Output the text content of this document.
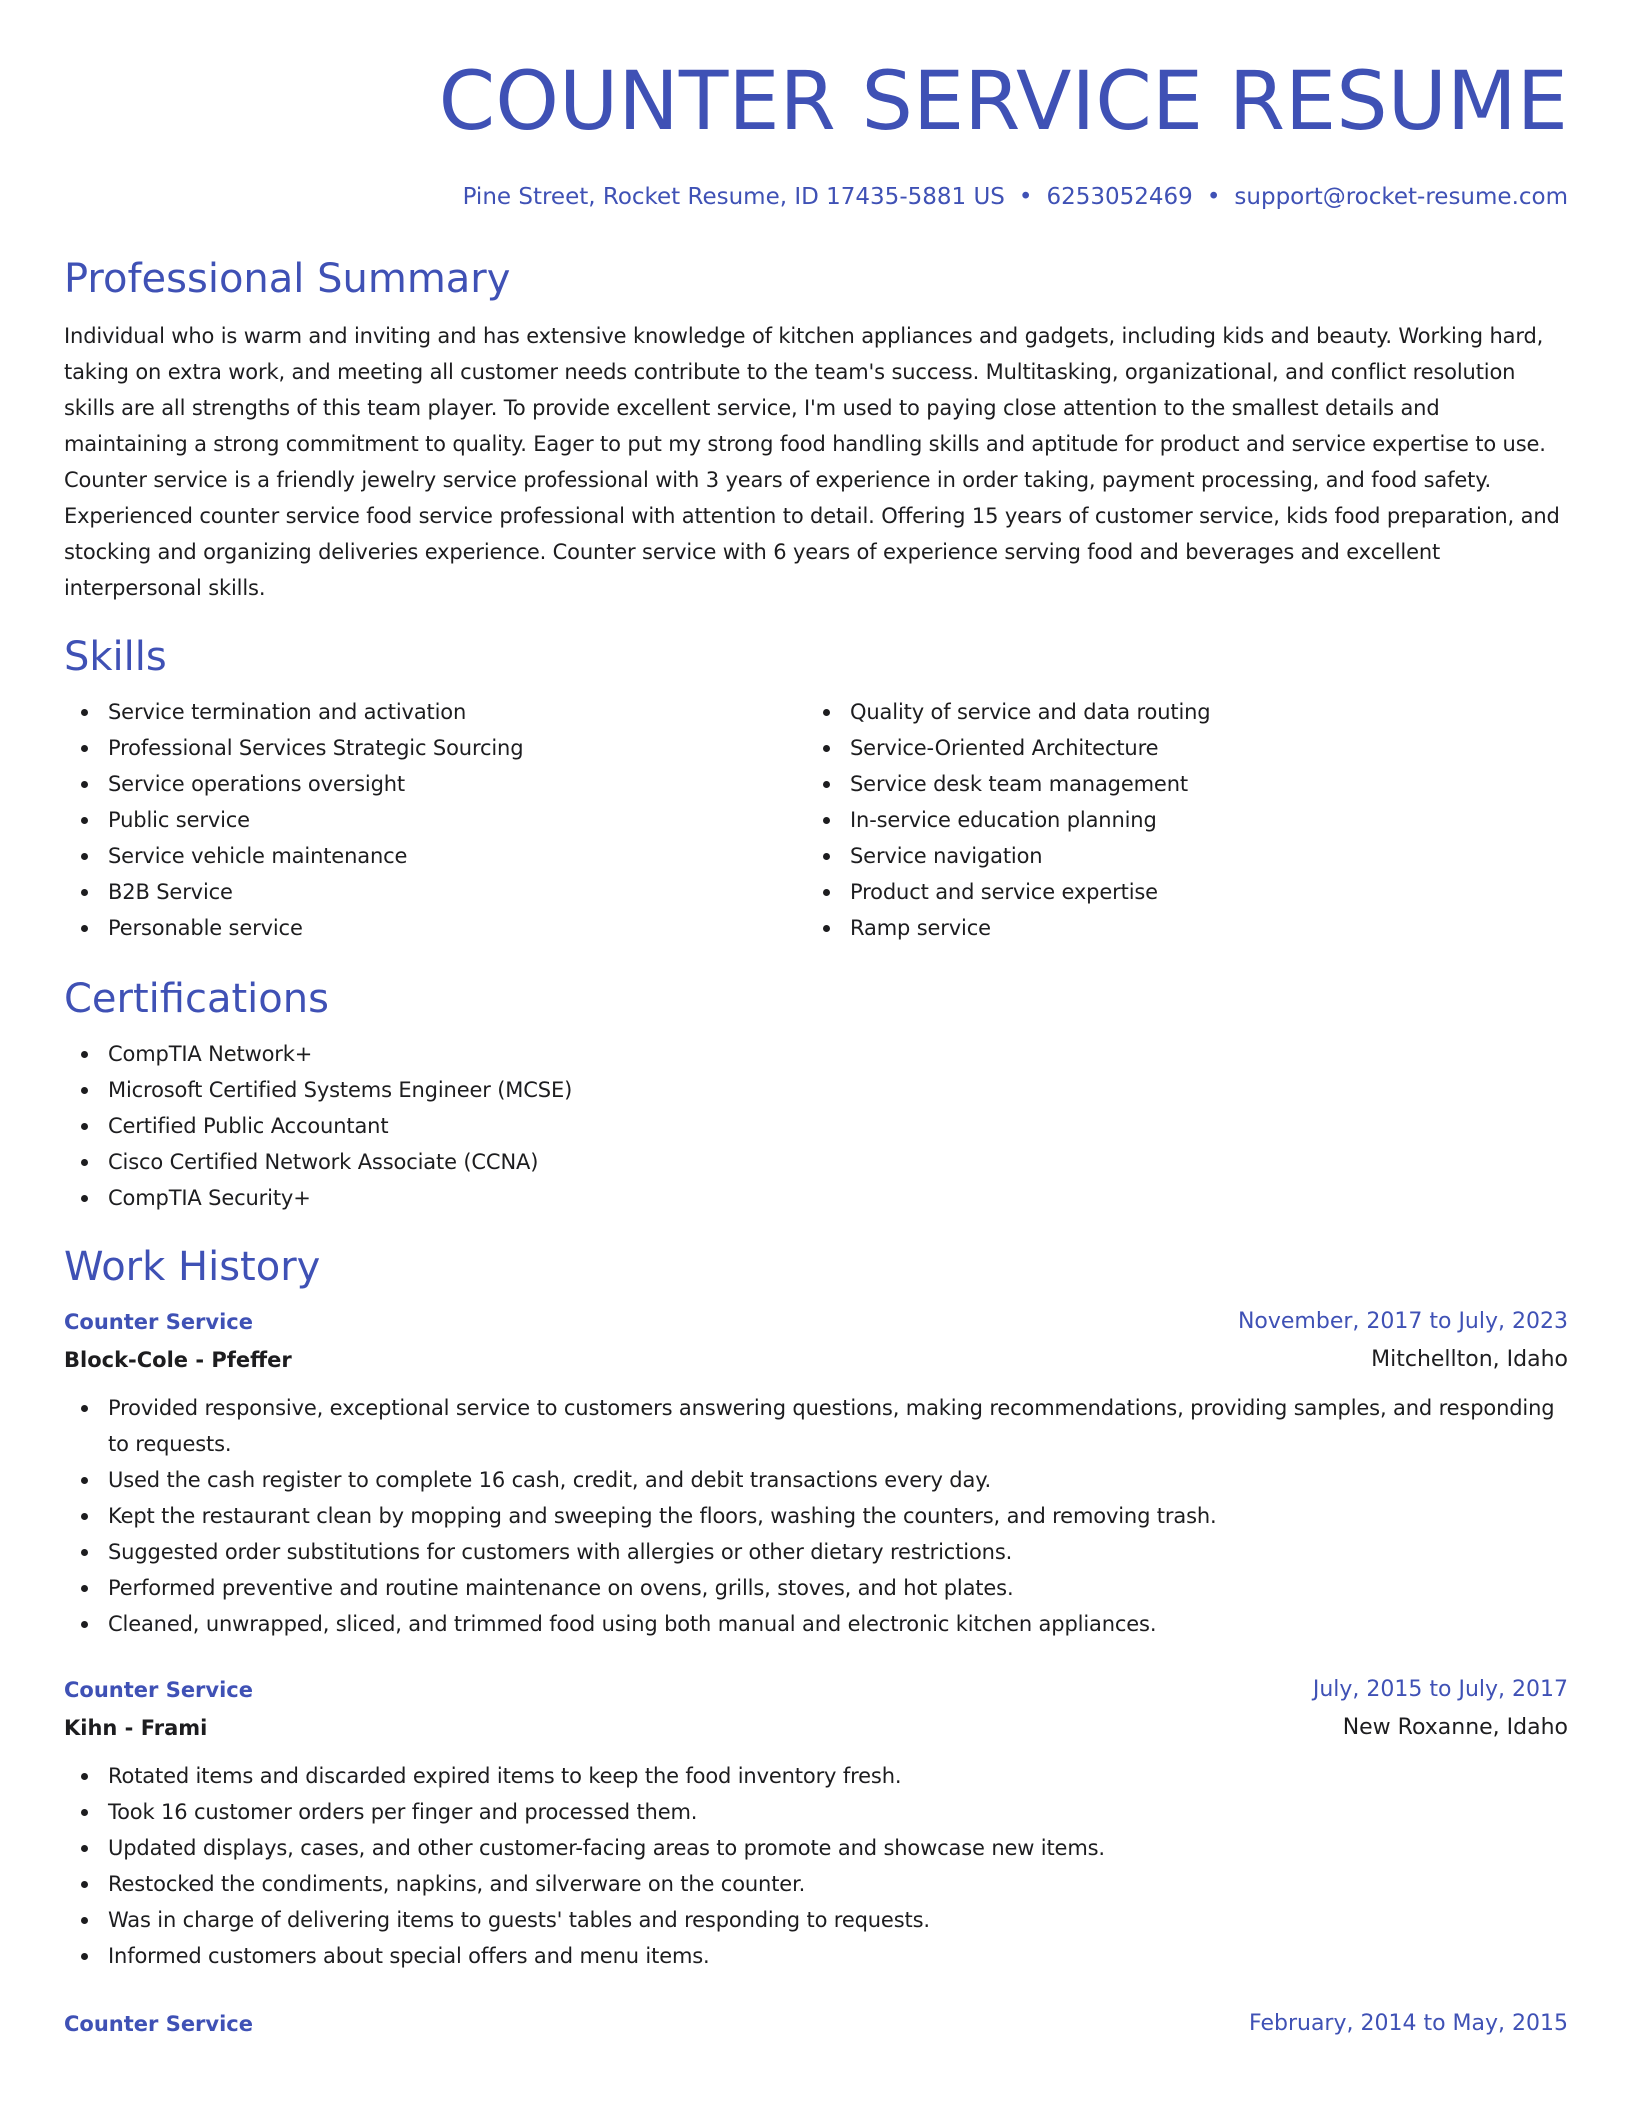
COUNTER SERVICE RESUME
Pine Street, Rocket Resume, ID 17435-5881 US • 6253052469 • support@rocket-resume.com
Professional Summary

Individual who is warm and inviting and has extensive knowledge of kitchen appliances and gadgets, including kids and beauty. Working hard, taking on extra work, and meeting all customer needs contribute to the team's success. Multitasking, organizational, and conflict resolution skills are all strengths of this team player. To provide excellent service, I'm used to paying close attention to the smallest details and maintaining a strong commitment to quality. Eager to put my strong food handling skills and aptitude for product and service expertise to use. Counter service is a friendly jewelry service professional with 3 years of experience in order taking, payment processing, and food safety. Experienced counter service food service professional with attention to detail. Offering 15 years of customer service, kids food preparation, and stocking and organizing deliveries experience. Counter service with 6 years of experience serving food and beverages and excellent interpersonal skills.

Skills
Service termination and activation
Professional Services Strategic Sourcing
Service operations oversight
Public service
Service vehicle maintenance
B2B Service
Personable service
Quality of service and data routing
Service-Oriented Architecture
Service desk team management
In-service education planning
Service navigation
Product and service expertise
Ramp service
Certifications
CompTIA Network+
Microsoft Certified Systems Engineer (MCSE)
Certified Public Accountant
Cisco Certified Network Associate (CCNA)
CompTIA Security+
Work History
Counter Service	November, 2017 to July, 2023
Block-Cole - Pfeffer	Mitchellton, Idaho
Provided responsive, exceptional service to customers answering questions, making recommendations, providing samples, and responding to requests.
Used the cash register to complete 16 cash, credit, and debit transactions every day.
Kept the restaurant clean by mopping and sweeping the floors, washing the counters, and removing trash.
Suggested order substitutions for customers with allergies or other dietary restrictions.
Performed preventive and routine maintenance on ovens, grills, stoves, and hot plates.
Cleaned, unwrapped, sliced, and trimmed food using both manual and electronic kitchen appliances.
Counter Service	July, 2015 to July, 2017
Kihn - Frami	New Roxanne, Idaho
Rotated items and discarded expired items to keep the food inventory fresh.
Took 16 customer orders per finger and processed them.
Updated displays, cases, and other customer-facing areas to promote and showcase new items.
Restocked the condiments, napkins, and silverware on the counter.
Was in charge of delivering items to guests' tables and responding to requests.
Informed customers about special offers and menu items.
Counter Service	February, 2014 to May, 2015
